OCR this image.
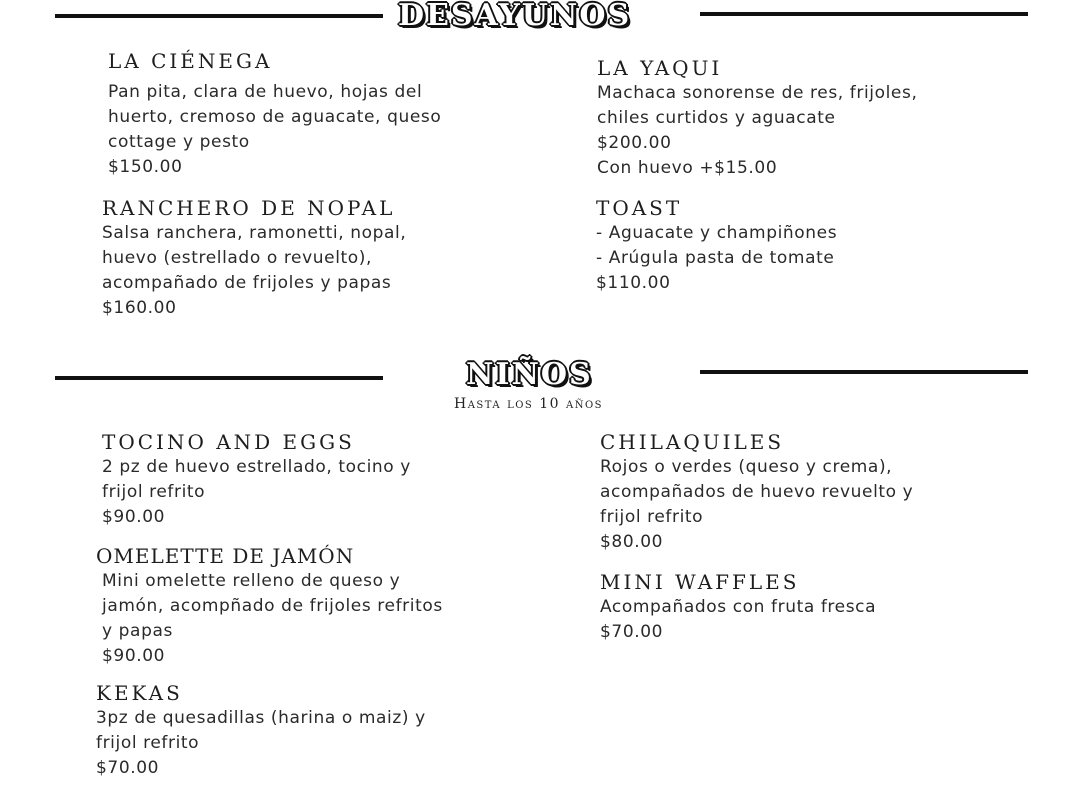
DESAYUNOS
LA CIÉNEGA
Pan pita, clara de huevo, hojas del
huerto, cremoso de aguacate, queso
cottage y pesto
$150.00
RANCHERO DE NOPAL
Salsa ranchera, ramonetti, nopal,
huevo (estrellado o revuelto),
acompañado de frijoles y papas
$160.00
LA YAQUI
Machaca sonorense de res, frijoles,
chiles curtidos y aguacate
$200.00
Con huevo +$15.00
TOAST
- Aguacate y champiñones
- Arúgula pasta de tomate
$110.00
NIÑOS

Hasta los 10 años

TOCINO AND EGGS
2 pz de huevo estrellado, tocino y
frijol refrito
$90.00
OMELETTE DE JAMÓN
Mini omelette relleno de queso y
jamón, acompñado de frijoles refritos
y papas
$90.00
KEKAS
3pz de quesadillas (harina o maiz) y
frijol refrito
$70.00
CHILAQUILES
Rojos o verdes (queso y crema),
acompañados de huevo revuelto y
frijol refrito
$80.00
MINI WAFFLES
Acompañados con fruta fresca
$70.00
